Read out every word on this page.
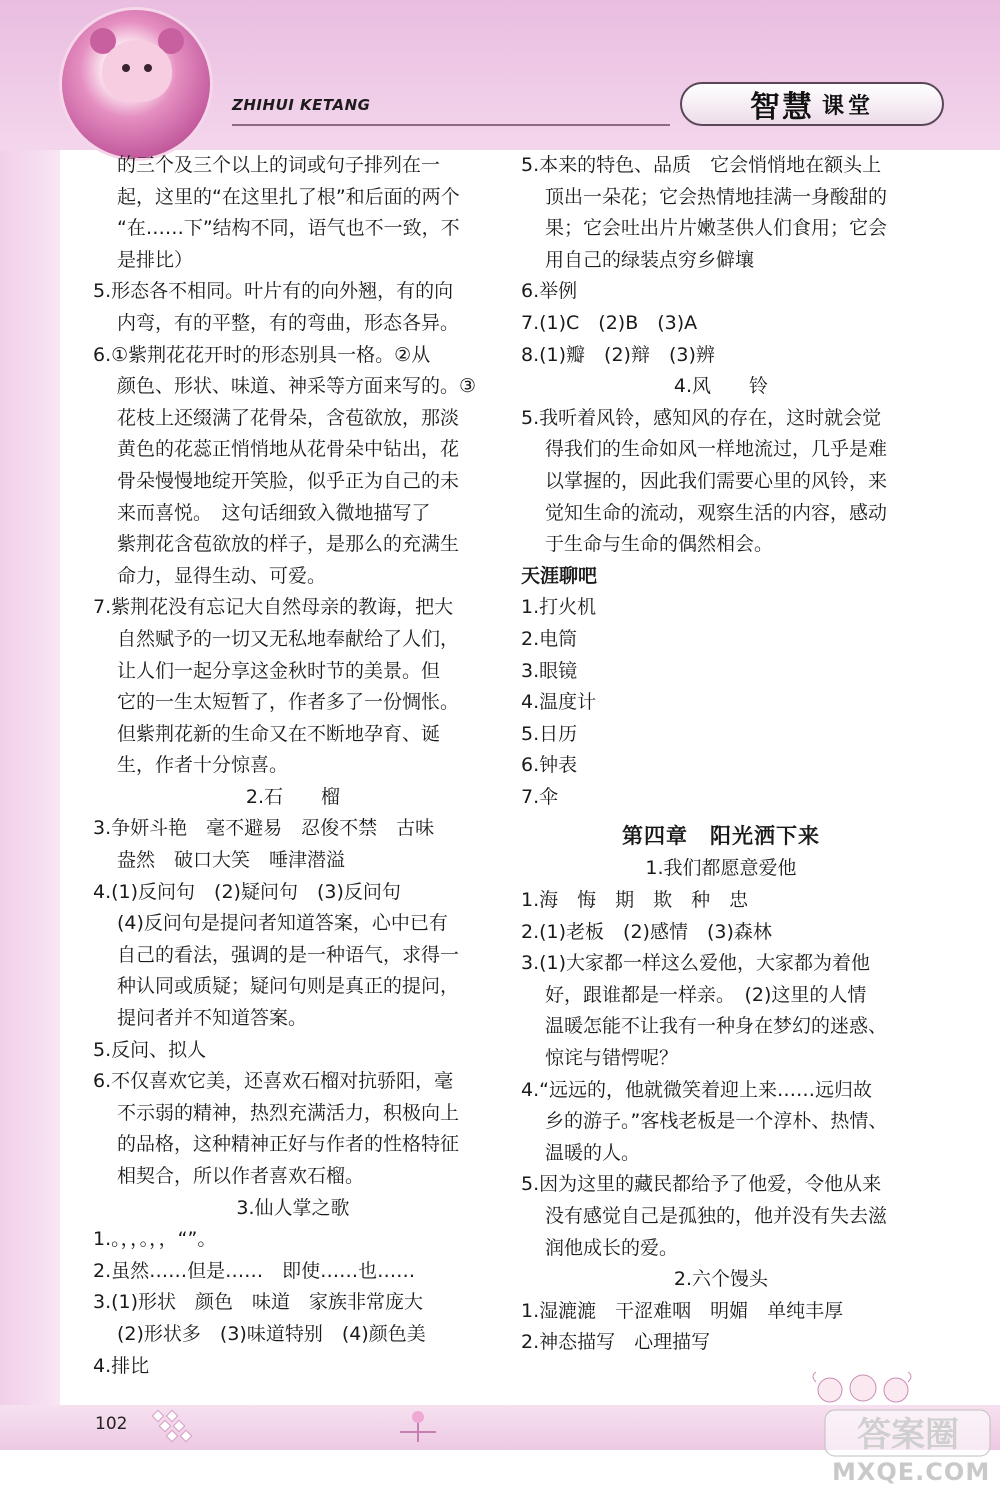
ZHIHUI KETANG	智慧 课堂
的三个及三个以上的词或句子排列在一
起，这里的“在这里扎了根”和后面的两个
“在……下”结构不同，语气也不一致，不
是排比）
5.形态各不相同。叶片有的向外翘，有的向
内弯，有的平整，有的弯曲，形态各异。
6.①紫荆花花开时的形态别具一格。②从
颜色、形状、味道、神采等方面来写的。③
花枝上还缀满了花骨朵，含苞欲放，那淡
黄色的花蕊正悄悄地从花骨朵中钻出，花
骨朵慢慢地绽开笑脸，似乎正为自己的未
来而喜悦。　这句话细致入微地描写了
紫荆花含苞欲放的样子，是那么的充满生
命力，显得生动、可爱。
7.紫荆花没有忘记大自然母亲的教诲，把大
自然赋予的一切又无私地奉献给了人们，
让人们一起分享这金秋时节的美景。但
它的一生太短暂了，作者多了一份惆怅。
但紫荆花新的生命又在不断地孕育、诞
生，作者十分惊喜。
2.石　　榴
3.争妍斗艳　毫不避易　忍俊不禁　古味
盎然　破口大笑　唾津潜溢
4.(1)反问句　(2)疑问句　(3)反问句
(4)反问句是提问者知道答案，心中已有
自己的看法，强调的是一种语气，求得一
种认同或质疑；疑问句则是真正的提问，
提问者并不知道答案。
5.反问、拟人
6.不仅喜欢它美，还喜欢石榴对抗骄阳，毫
不示弱的精神，热烈充满活力，积极向上
的品格，这种精神正好与作者的性格特征
相契合，所以作者喜欢石榴。
3.仙人掌之歌
1.。，，。，，“”。
2.虽然……但是……　即使……也……
3.(1)形状　颜色　味道　家族非常庞大
(2)形状多　(3)味道特别　(4)颜色美
4.排比
5.本来的特色、品质　它会悄悄地在额头上
顶出一朵花；它会热情地挂满一身酸甜的
果；它会吐出片片嫩茎供人们食用；它会
用自己的绿装点穷乡僻壤
6.举例
7.(1)C　(2)B　(3)A
8.(1)瓣　(2)辩　(3)辨
4.风　　铃
5.我听着风铃，感知风的存在，这时就会觉
得我们的生命如风一样地流过，几乎是难
以掌握的，因此我们需要心里的风铃，来
觉知生命的流动，观察生活的内容，感动
于生命与生命的偶然相会。
天涯聊吧
1.打火机
2.电筒
3.眼镜
4.温度计
5.日历
6.钟表
7.伞
第四章　阳光洒下来
1.我们都愿意爱他
1.海　悔　期　欺　种　忠
2.(1)老板　(2)感情　(3)森林
3.(1)大家都一样这么爱他，大家都为着他
好，跟谁都是一样亲。　(2)这里的人情
温暖怎能不让我有一种身在梦幻的迷惑、
惊诧与错愕呢？
4.“远远的，他就微笑着迎上来……远归故
乡的游子。”客栈老板是一个淳朴、热情、
温暖的人。
5.因为这里的藏民都给予了他爱，令他从来
没有感觉自己是孤独的，他并没有失去滋
润他成长的爱。
2.六个馒头
1.湿漉漉　干涩难咽　明媚　单纯丰厚
2.神态描写　心理描写
102	答案圈
MXQE.COM
